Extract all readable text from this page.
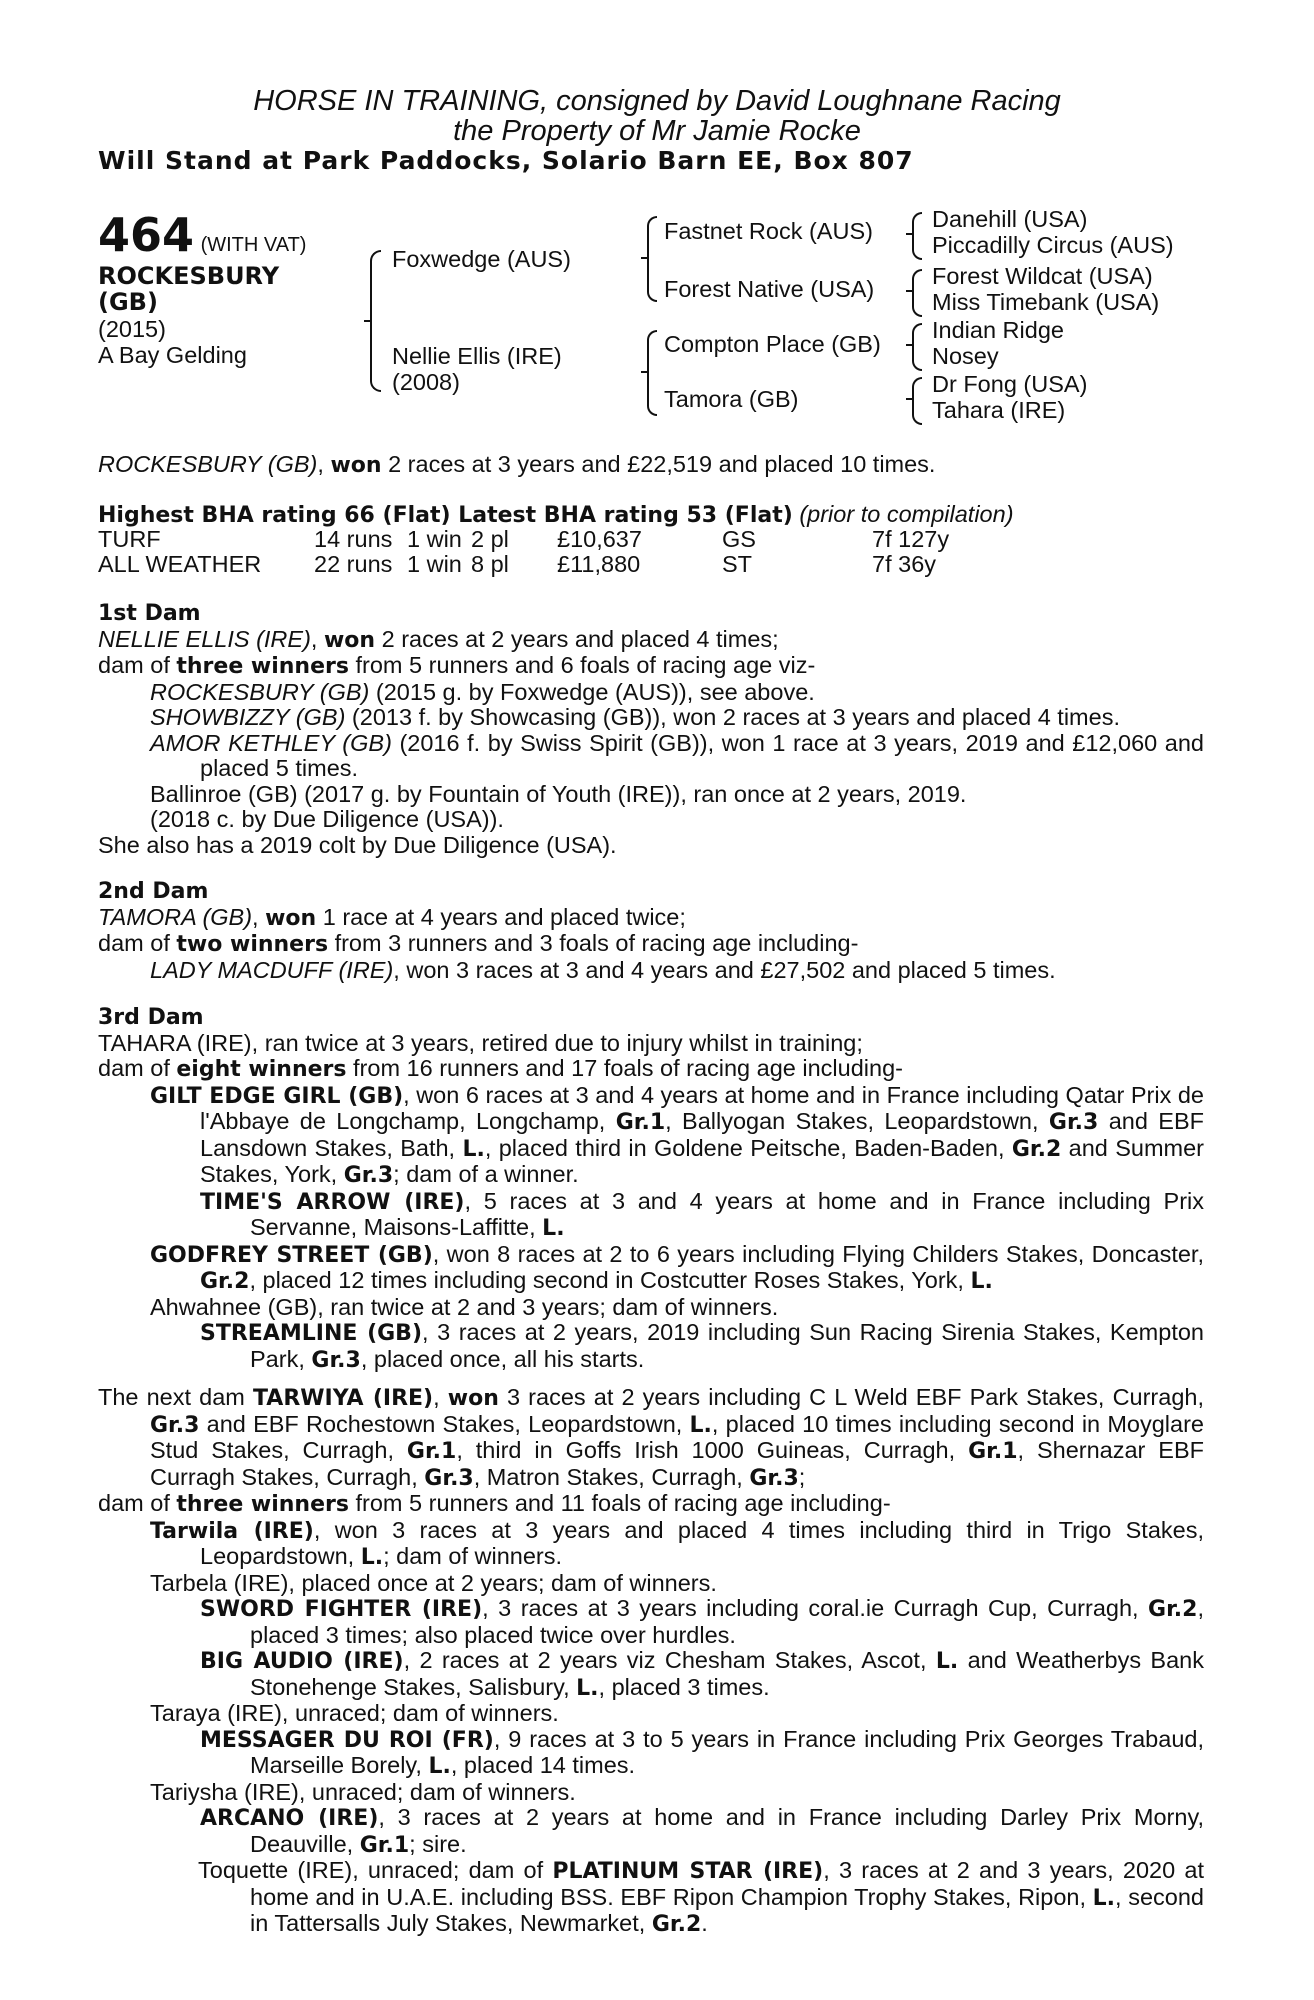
HORSE IN TRAINING, consigned by David Loughnane Racing
the Property of Mr Jamie Rocke
Will Stand at Park Paddocks, Solario Barn EE, Box 807
464 (WITH VAT)
ROCKESBURY
(GB)
(2015)
A Bay Gelding
Foxwedge (AUS)
Nellie Ellis (IRE)
(2008)
Fastnet Rock (AUS)
Forest Native (USA)
Compton Place (GB)
Tamora (GB)
Danehill (USA)
Piccadilly Circus (AUS)
Forest Wildcat (USA)
Miss Timebank (USA)
Indian Ridge
Nosey
Dr Fong (USA)
Tahara (IRE)
ROCKESBURY (GB), won 2 races at 3 years and £22,519 and placed 10 times.
Highest BHA rating 66 (Flat) Latest BHA rating 53 (Flat) (prior to compilation)
TURF	14 runs	1 win	2 pl	£10,637	GS	7f 127y
ALL WEATHER	22 runs	1 win	8 pl	£11,880	ST	7f 36y

1st Dam

NELLIE ELLIS (IRE), won 2 races at 2 years and placed 4 times;

dam of three winners from 5 runners and 6 foals of racing age viz-

ROCKESBURY (GB) (2015 g. by Foxwedge (AUS)), see above.

SHOWBIZZY (GB) (2013 f. by Showcasing (GB)), won 2 races at 3 years and placed 4 times.

AMOR KETHLEY (GB) (2016 f. by Swiss Spirit (GB)), won 1 race at 3 years, 2019 and £12,060 and placed 5 times.

Ballinroe (GB) (2017 g. by Fountain of Youth (IRE)), ran once at 2 years, 2019.

(2018 c. by Due Diligence (USA)).

She also has a 2019 colt by Due Diligence (USA).

2nd Dam

TAMORA (GB), won 1 race at 4 years and placed twice;

dam of two winners from 3 runners and 3 foals of racing age including-

LADY MACDUFF (IRE), won 3 races at 3 and 4 years and £27,502 and placed 5 times.

3rd Dam

TAHARA (IRE), ran twice at 3 years, retired due to injury whilst in training;

dam of eight winners from 16 runners and 17 foals of racing age including-

GILT EDGE GIRL (GB), won 6 races at 3 and 4 years at home and in France including Qatar Prix de l'Abbaye de Longchamp, Longchamp, Gr.1, Ballyogan Stakes, Leopardstown, Gr.3 and EBF Lansdown Stakes, Bath, L., placed third in Goldene Peitsche, Baden-Baden, Gr.2 and Summer Stakes, York, Gr.3; dam of a winner.

TIME'S ARROW (IRE), 5 races at 3 and 4 years at home and in France including Prix Servanne, Maisons-Laffitte, L.

GODFREY STREET (GB), won 8 races at 2 to 6 years including Flying Childers Stakes, Doncaster, Gr.2, placed 12 times including second in Costcutter Roses Stakes, York, L.

Ahwahnee (GB), ran twice at 2 and 3 years; dam of winners.

STREAMLINE (GB), 3 races at 2 years, 2019 including Sun Racing Sirenia Stakes, Kempton Park, Gr.3, placed once, all his starts.

The next dam TARWIYA (IRE), won 3 races at 2 years including C L Weld EBF Park Stakes, Curragh, Gr.3 and EBF Rochestown Stakes, Leopardstown, L., placed 10 times including second in Moyglare Stud Stakes, Curragh, Gr.1, third in Goffs Irish 1000 Guineas, Curragh, Gr.1, Shernazar EBF Curragh Stakes, Curragh, Gr.3, Matron Stakes, Curragh, Gr.3;

dam of three winners from 5 runners and 11 foals of racing age including-

Tarwila (IRE), won 3 races at 3 years and placed 4 times including third in Trigo Stakes, Leopardstown, L.; dam of winners.

Tarbela (IRE), placed once at 2 years; dam of winners.

SWORD FIGHTER (IRE), 3 races at 3 years including coral.ie Curragh Cup, Curragh, Gr.2, placed 3 times; also placed twice over hurdles.

BIG AUDIO (IRE), 2 races at 2 years viz Chesham Stakes, Ascot, L. and Weatherbys Bank Stonehenge Stakes, Salisbury, L., placed 3 times.

Taraya (IRE), unraced; dam of winners.

MESSAGER DU ROI (FR), 9 races at 3 to 5 years in France including Prix Georges Trabaud, Marseille Borely, L., placed 14 times.

Tariysha (IRE), unraced; dam of winners.

ARCANO (IRE), 3 races at 2 years at home and in France including Darley Prix Morny, Deauville, Gr.1; sire.

Toquette (IRE), unraced; dam of PLATINUM STAR (IRE), 3 races at 2 and 3 years, 2020 at home and in U.A.E. including BSS. EBF Ripon Champion Trophy Stakes, Ripon, L., second in Tattersalls July Stakes, Newmarket, Gr.2.
